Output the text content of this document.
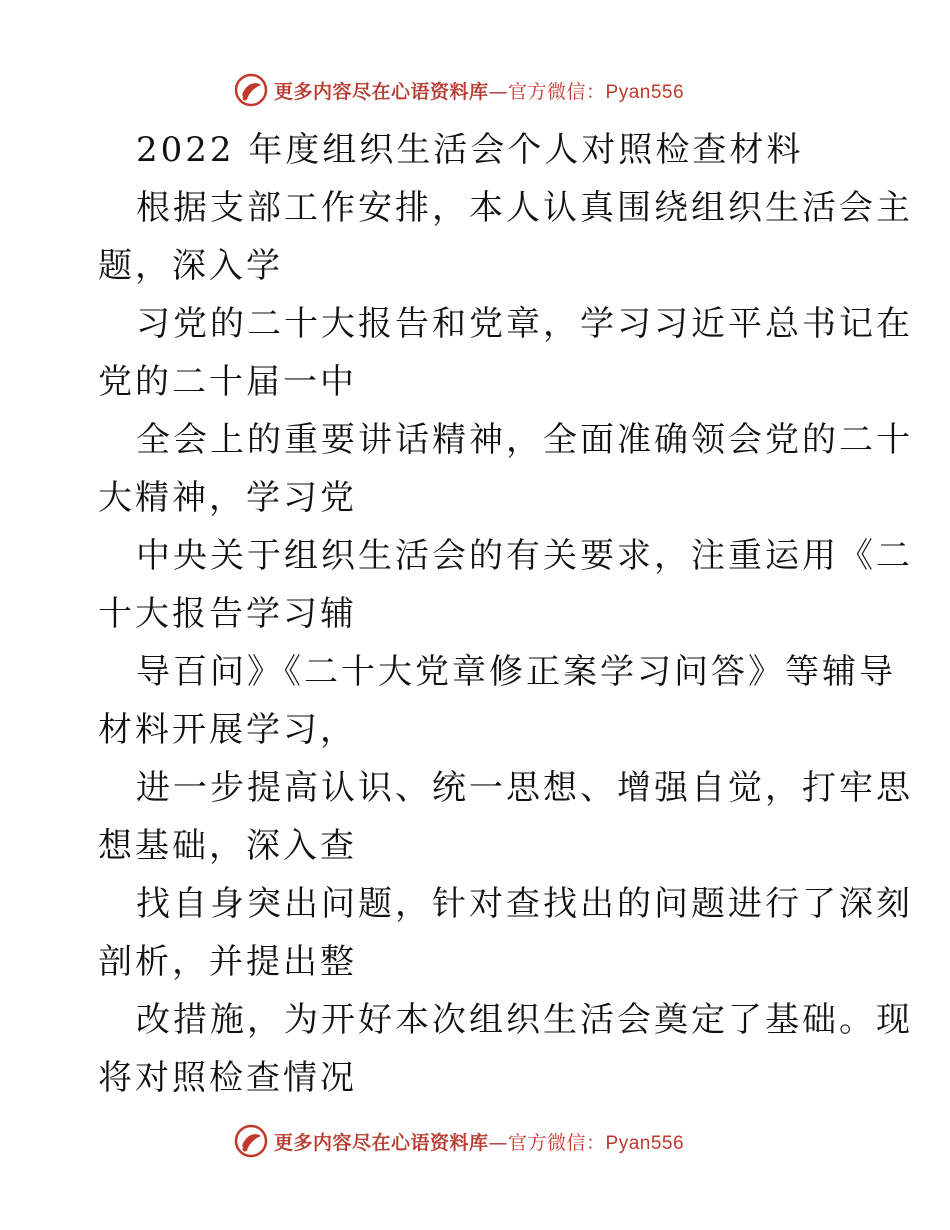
更多内容尽在心语资料库—官方微信：Pyan556
2022 年度组织生活会个人对照检查材料
根据支部工作安排，本人认真围绕组织生活会主
题，深入学
习党的二十大报告和党章，学习习近平总书记在
党的二十届一中
全会上的重要讲话精神，全面准确领会党的二十
大精神，学习党
中央关于组织生活会的有关要求，注重运用《二
十大报告学习辅
导百问》《二十大党章修正案学习问答》等辅导
材料开展学习，
进一步提高认识、统一思想、增强自觉，打牢思
想基础，深入查
找自身突出问题，针对查找出的问题进行了深刻
剖析，并提出整
改措施，为开好本次组织生活会奠定了基础。现
将对照检查情况
更多内容尽在心语资料库—官方微信：Pyan556
